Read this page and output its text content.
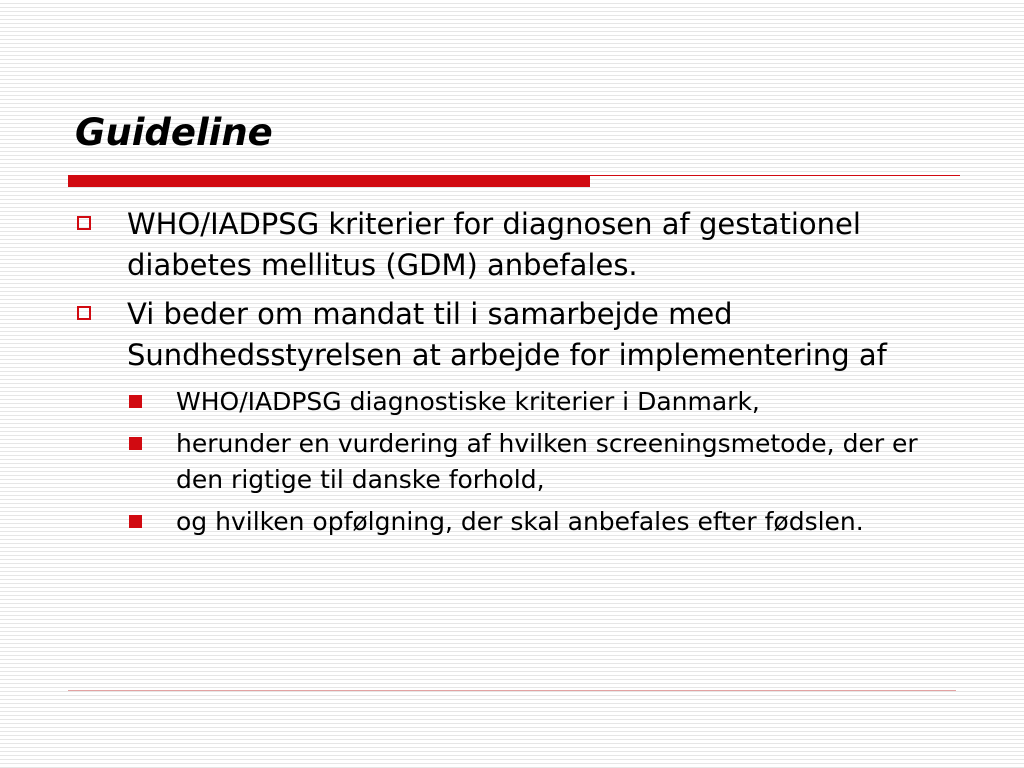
Guideline
WHO/IADPSG kriterier for diagnosen af gestationel diabetes mellitus (GDM) anbefales.
Vi beder om mandat til i samarbejde med Sundhedsstyrelsen at arbejde for implementering af
WHO/IADPSG diagnostiske kriterier i Danmark,
herunder en vurdering af hvilken screeningsmetode, der er den rigtige til danske forhold,
og hvilken opfølgning, der skal anbefales efter fødslen.
